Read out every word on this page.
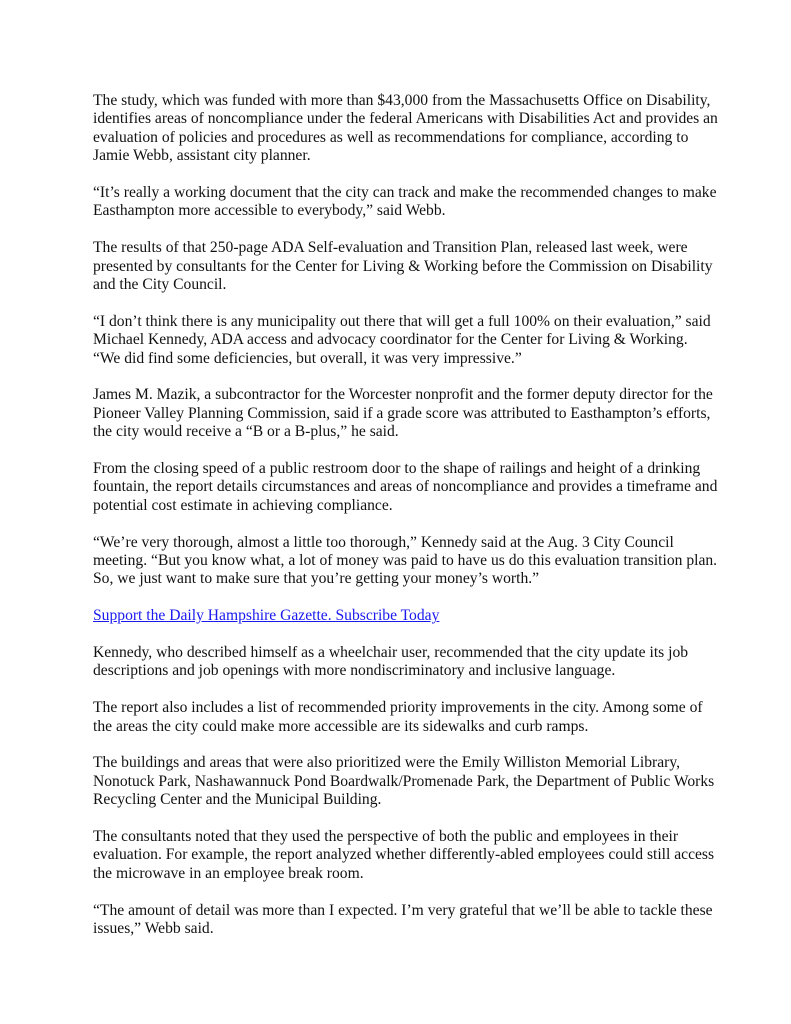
The study, which was funded with more than $43,000 from the Massachusetts Office on Disability, identifies areas of noncompliance under the federal Americans with Disabilities Act and provides an evaluation of policies and procedures as well as recommendations for compliance, according to Jamie Webb, assistant city planner.

“It’s really a working document that the city can track and make the recommended changes to make Easthampton more accessible to everybody,” said Webb.

The results of that 250-page ADA Self-evaluation and Transition Plan, released last week, were presented by consultants for the Center for Living & Working before the Commission on Disability and the City Council.

“I don’t think there is any municipality out there that will get a full 100% on their evaluation,” said Michael Kennedy, ADA access and advocacy coordinator for the Center for Living & Working. “We did find some deficiencies, but overall, it was very impressive.”

James M. Mazik, a subcontractor for the Worcester nonprofit and the former deputy director for the Pioneer Valley Planning Commission, said if a grade score was attributed to Easthampton’s efforts, the city would receive a “B or a B-plus,” he said.

From the closing speed of a public restroom door to the shape of railings and height of a drinking fountain, the report details circumstances and areas of noncompliance and provides a timeframe and potential cost estimate in achieving compliance.

“We’re very thorough, almost a little too thorough,” Kennedy said at the Aug. 3 City Council meeting. “But you know what, a lot of money was paid to have us do this evaluation transition plan. So, we just want to make sure that you’re getting your money’s worth.”

Support the Daily Hampshire Gazette. Subscribe Today

Kennedy, who described himself as a wheelchair user, recommended that the city update its job descriptions and job openings with more nondiscriminatory and inclusive language.

The report also includes a list of recommended priority improvements in the city. Among some of the areas the city could make more accessible are its sidewalks and curb ramps.

The buildings and areas that were also prioritized were the Emily Williston Memorial Library, Nonotuck Park, Nashawannuck Pond Boardwalk/Promenade Park, the Department of Public Works Recycling Center and the Municipal Building.

The consultants noted that they used the perspective of both the public and employees in their evaluation. For example, the report analyzed whether differently-abled employees could still access the microwave in an employee break room.

“The amount of detail was more than I expected. I’m very grateful that we’ll be able to tackle these issues,” Webb said.
